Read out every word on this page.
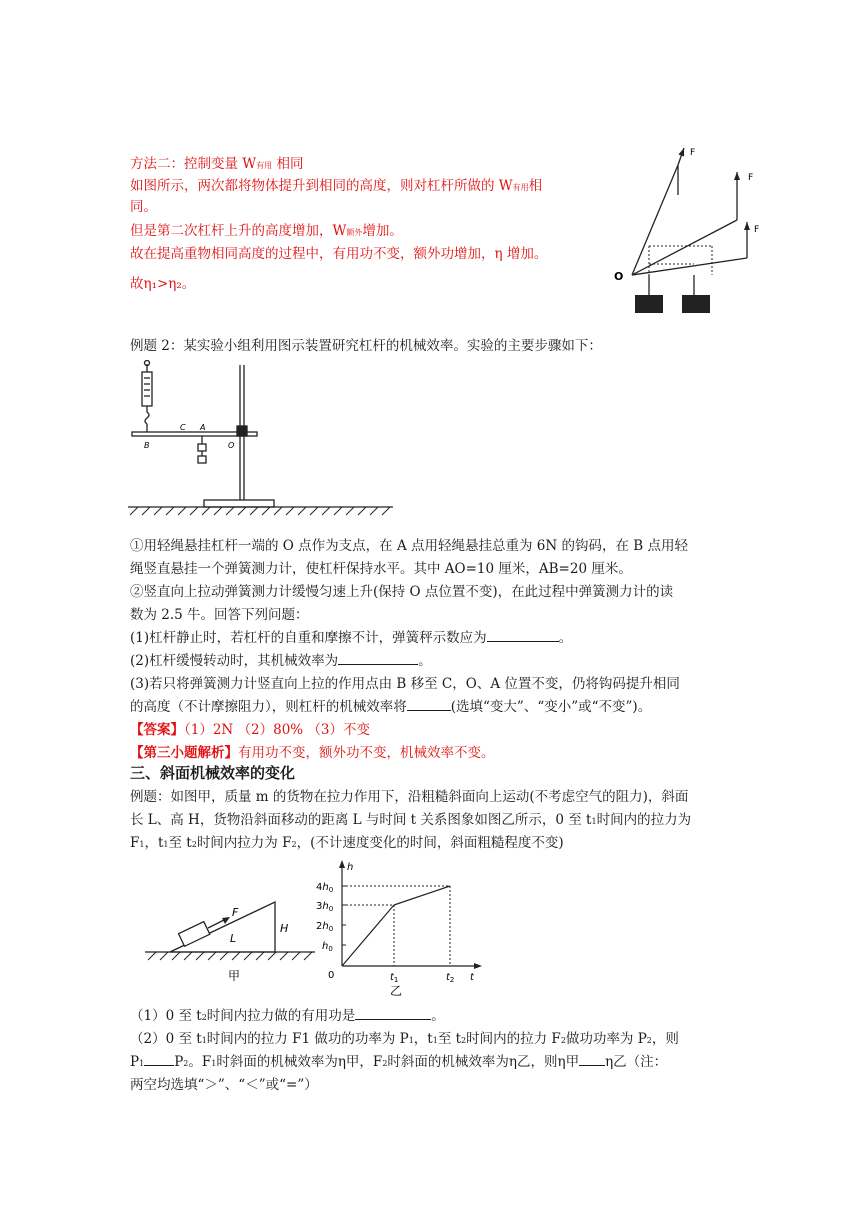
方法二：控制变量 W有用 相同
如图所示，两次都将物体提升到相同的高度，则对杠杆所做的 W有用相
同。
但是第二次杠杆上升的高度增加，W额外增加。
故在提高重物相同高度的过程中，有用功不变，额外功增加，η 增加。
故η₁>η₂。
F
F
F
O
例题 2：某实验小组利用图示装置研究杠杆的机械效率。实验的主要步骤如下：
B
C A
O
①用轻绳悬挂杠杆一端的 O 点作为支点，在 A 点用轻绳悬挂总重为 6N 的钩码，在 B 点用轻
绳竖直悬挂一个弹簧测力计，使杠杆保持水平。其中 AO=10 厘米，AB=20 厘米。
②竖直向上拉动弹簧测力计缓慢匀速上升(保持 O 点位置不变)，在此过程中弹簧测力计的读
数为 2.5 牛。回答下列问题：
(1)杠杆静止时，若杠杆的自重和摩擦不计，弹簧秤示数应为	。
(2)杠杆缓慢转动时，其机械效率为	。
(3)若只将弹簧测力计竖直向上拉的作用点由 B 移至 C，O、A 位置不变，仍将钩码提升相同
的高度（不计摩擦阻力），则杠杆的机械效率将	(选填“变大”、“变小”或“不变”)。
【答案】（1）2N （2）80% （3）不变
【第三小题解析】有用功不变，额外功不变，机械效率不变。
三、斜面机械效率的变化
例题：如图甲，质量 m 的货物在拉力作用下，沿粗糙斜面向上运动(不考虑空气的阻力)，斜面
长 L、高 H，货物沿斜面移动的距离 L 与时间 t 关系图象如图乙所示，0 至 t1时间内的拉力为
F1，t1至 t2时间内拉力为 F2，(不计速度变化的时间，斜面粗糙程度不变)
F
L
H
甲
h
$4h_0$
$3h_0$
$2h_0$
$h_0$
0	$t_1$	$t_2$ t
乙
（1）0 至 t2时间内拉力做的有用功是	。
（2）0 至 t1时间内的拉力 F1 做功的功率为 P1，t1至 t2时间内的拉力 F2做功功率为 P2，则
P1 P2。F1时斜面的机械效率为η甲，F2时斜面的机械效率为η乙，则η甲 η乙（注：
两空均选填“＞”、“＜”或“=”）
